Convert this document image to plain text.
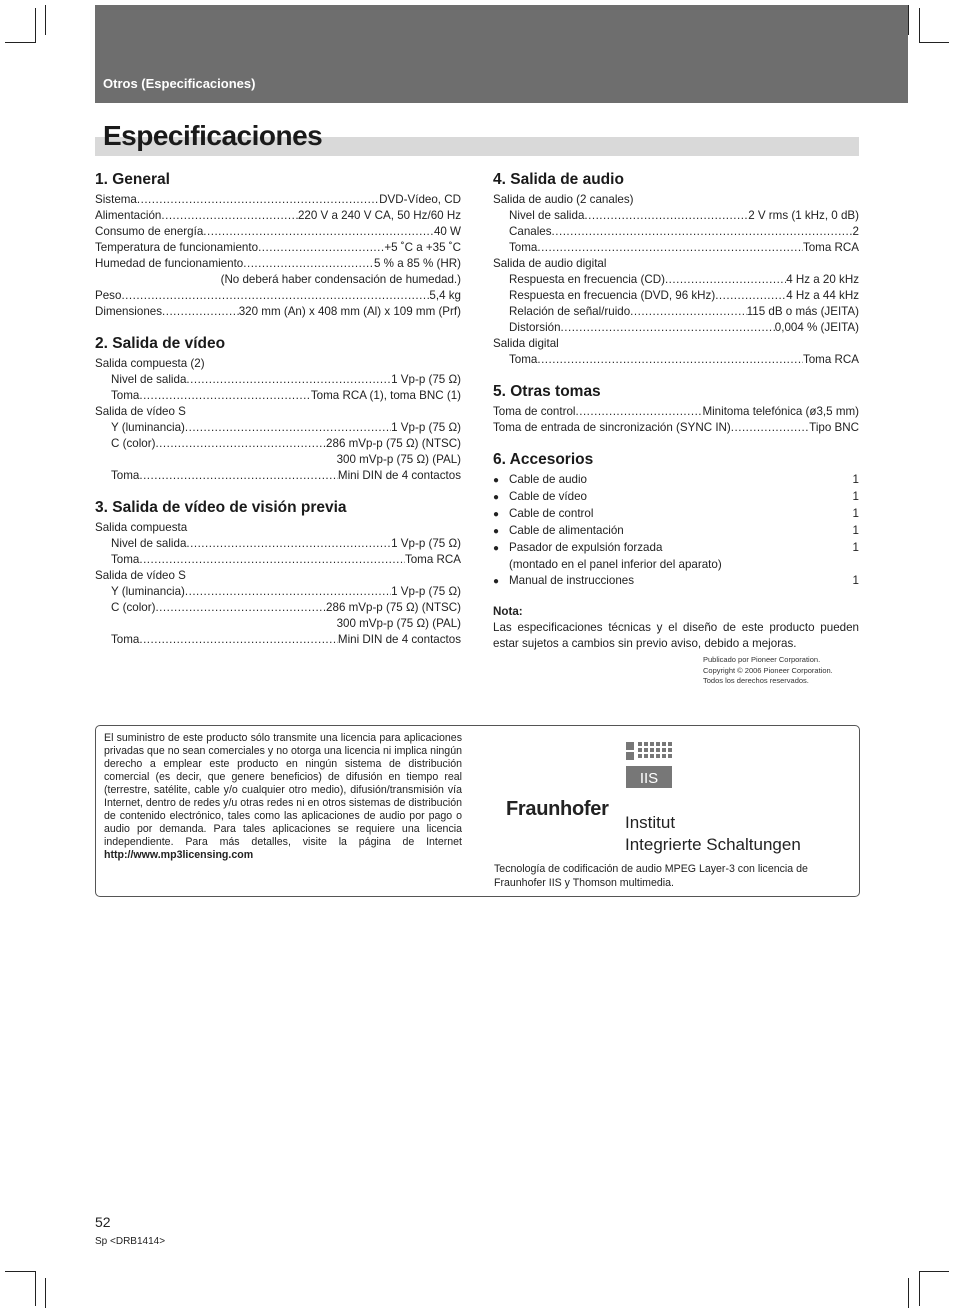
Otros (Especificaciones)
Especificaciones
1. General
Sistema .....	DVD-Vídeo, CD
Alimentación .....	220 V a 240 V CA, 50 Hz/60 Hz
Consumo de energía .....	40 W
Temperatura de funcionamiento .....	+5 ˚C a +35 ˚C
Humedad de funcionamiento .....	5 % a 85 % (HR)
(No deberá haber condensación de humedad.)
Peso .....	5,4 kg
Dimensiones .....	320 mm (An) x 408 mm (Al) x 109 mm (Prf)
2. Salida de vídeo
Salida compuesta (2)
Nivel de salida .....	1 Vp-p (75 Ω)
Toma .....	Toma RCA (1), toma BNC (1)
Salida de vídeo S
Y (luminancia) .....	1 Vp-p (75 Ω)
C (color) .....	286 mVp-p (75 Ω) (NTSC)
300 mVp-p (75 Ω) (PAL)
Toma .....	Mini DIN de 4 contactos
3. Salida de vídeo de visión previa
Salida compuesta
Nivel de salida .....	1 Vp-p (75 Ω)
Toma .....	Toma RCA
Salida de vídeo S
Y (luminancia) .....	1 Vp-p (75 Ω)
C (color) .....	286 mVp-p (75 Ω) (NTSC)
300 mVp-p (75 Ω) (PAL)
Toma .....	Mini DIN de 4 contactos
4. Salida de audio
Salida de audio (2 canales)
Nivel de salida .....	2 V rms (1 kHz, 0 dB)
Canales .....	2
Toma .....	Toma RCA
Salida de audio digital
Respuesta en frecuencia (CD) .....	4 Hz a 20 kHz
Respuesta en frecuencia (DVD, 96 kHz) .....	4 Hz a 44 kHz
Relación de señal/ruido .....	115 dB o más (JEITA)
Distorsión .....	0,004 % (JEITA)
Salida digital
Toma .....	Toma RCA
5. Otras tomas
Toma de control .....	Minitoma telefónica (ø3,5 mm)
Toma de entrada de sincronización (SYNC IN) .....	Tipo BNC
6. Accesorios
●
Cable de audio	1
●
Cable de vídeo	1
●
Cable de control	1
●
Cable de alimentación	1
●
Pasador de expulsión forzada	1
(montado en el panel inferior del aparato)
●
Manual de instrucciones	1
Nota:
Las especificaciones técnicas y el diseño de este producto pueden estar sujetos a cambios sin previo aviso, debido a mejoras.
Publicado por Pioneer Corporation.
Copyright © 2006 Pioneer Corporation.
Todos los derechos reservados.
El suministro de este producto sólo transmite una licencia para aplicaciones privadas que no sean comerciales y no otorga una licencia ni implica ningún derecho a emplear este producto en ningún sistema de distribución comercial (es decir, que genere beneficios) de difusión en tiempo real (terrestre, satélite, cable y/o cualquier otro medio), difusión/transmisión vía Internet, dentro de redes y/u otras redes ni en otros sistemas de distribución de contenido electrónico, tales como las aplicaciones de audio por pago o audio por demanda. Para tales aplicaciones se requiere una licencia independiente. Para más detalles, visite la página de Internet http://www.mp3licensing.com
IIS
Fraunhofer
Institut
Integrierte Schaltungen
Tecnología de codificación de audio MPEG Layer-3 con licencia de Fraunhofer IIS y Thomson multimedia.
52
Sp <DRB1414>
